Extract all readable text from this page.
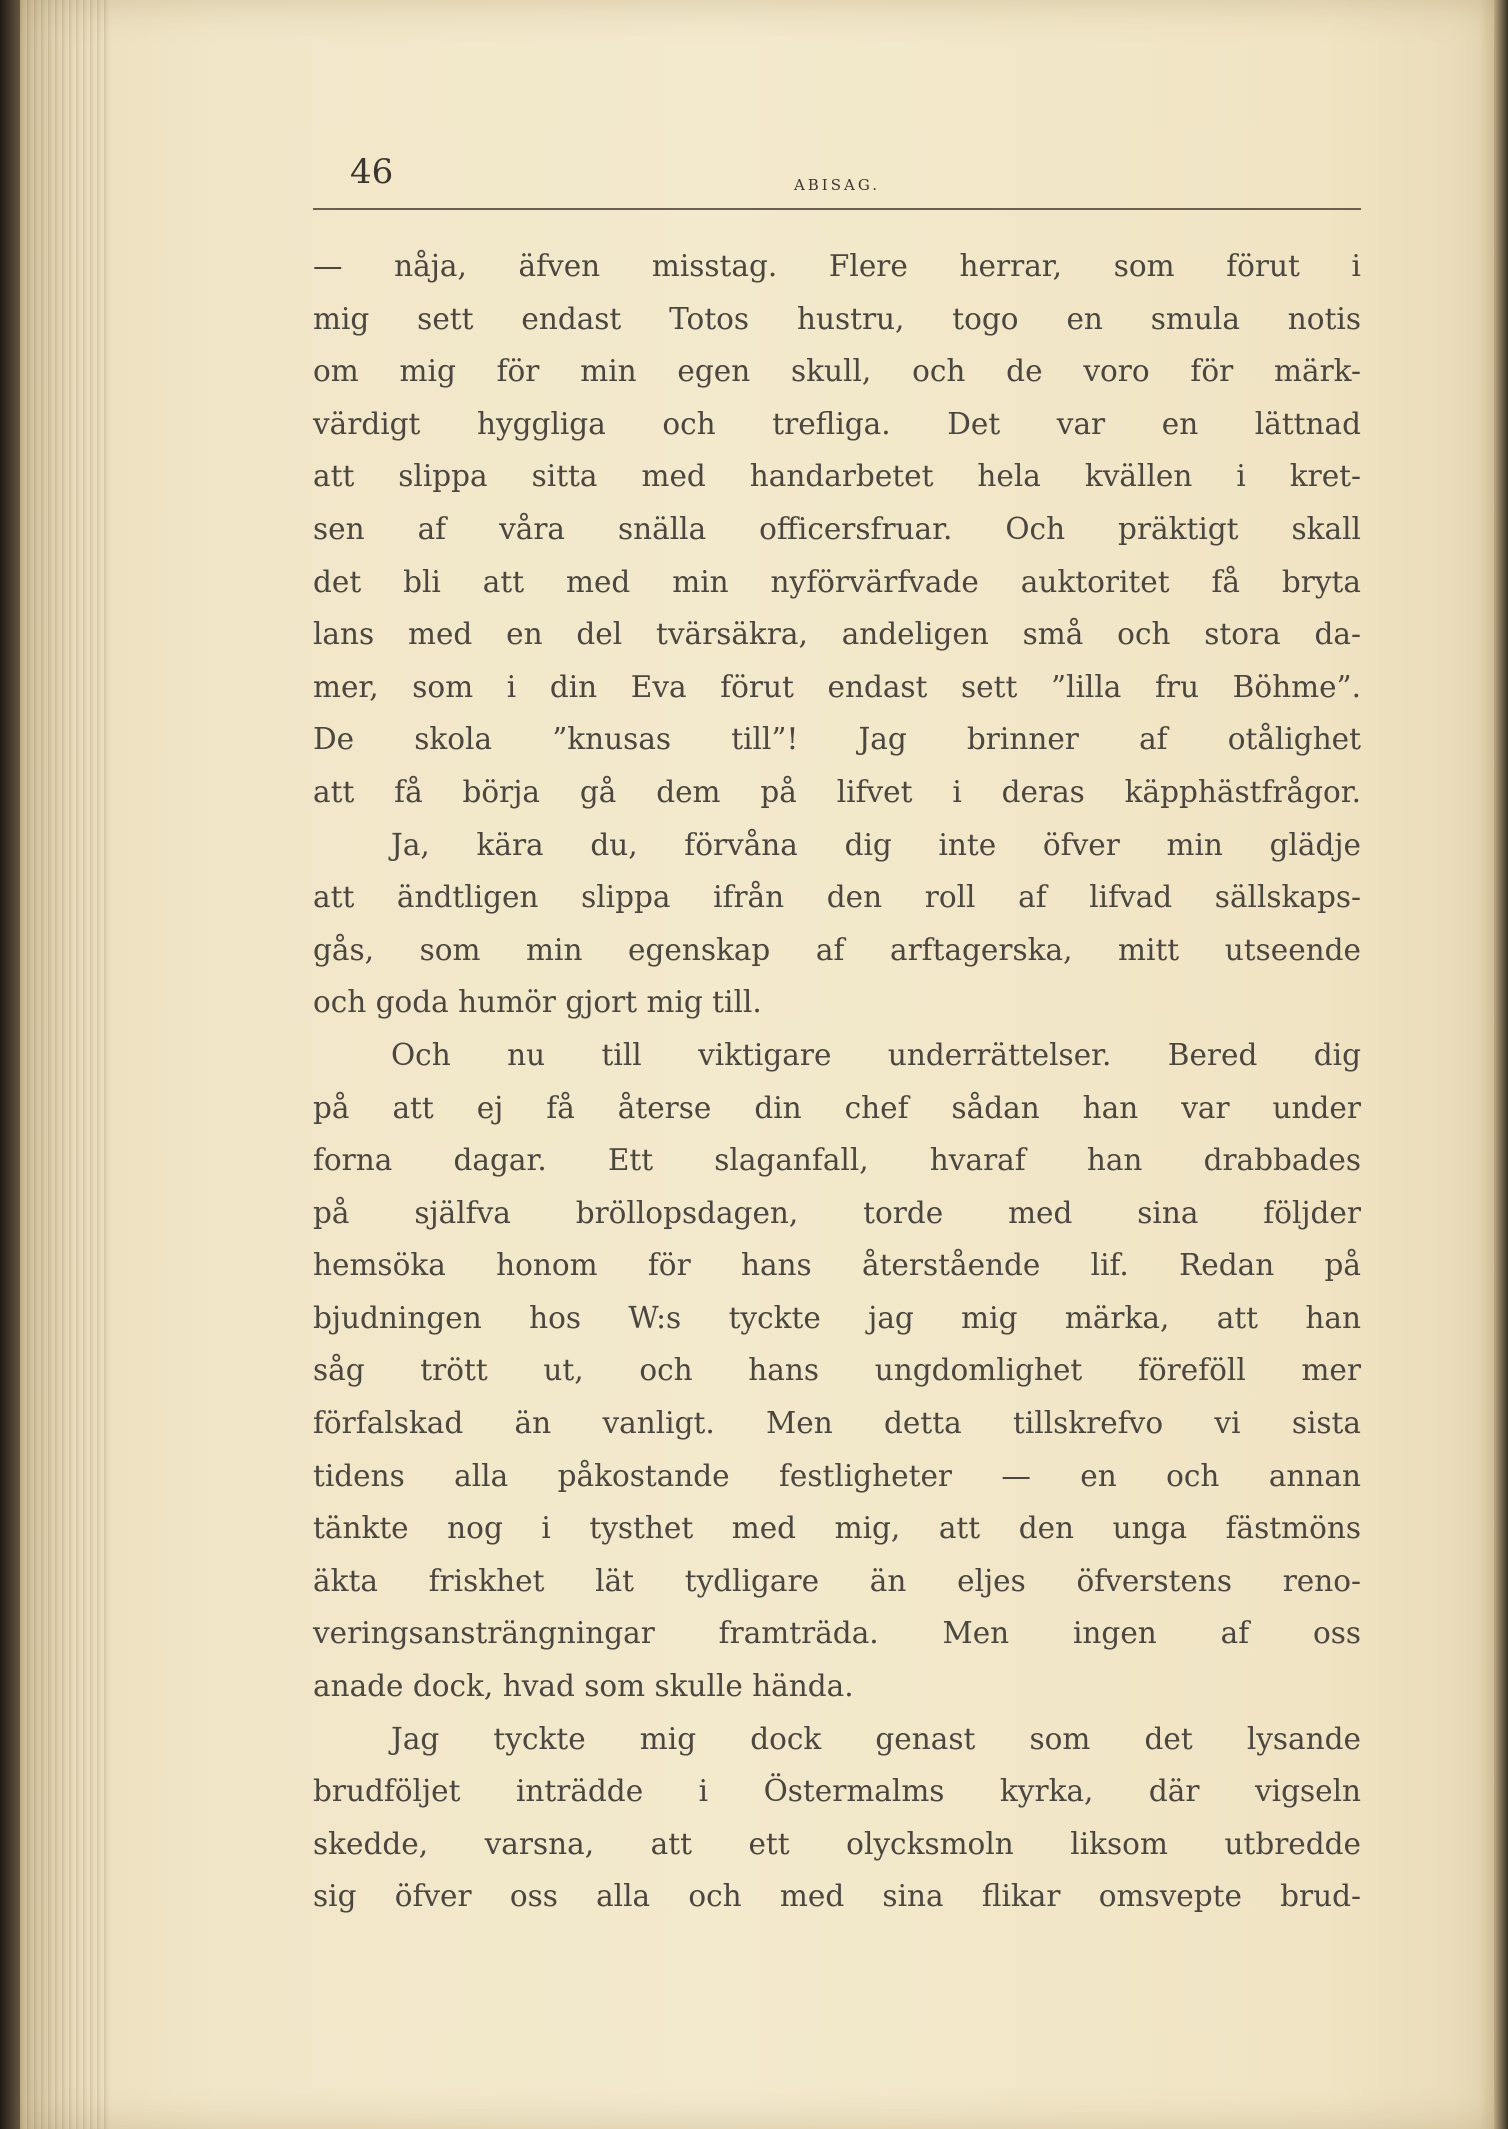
46	ABISAG.

— nåja, äfven misstag. Flere herrar, som förut i
mig sett endast Totos hustru, togo en smula notis
om mig för min egen skull, och de voro för märk-
värdigt hyggliga och trefliga. Det var en lättnad
att slippa sitta med handarbetet hela kvällen i kret-
sen af våra snälla officersfruar. Och präktigt skall
det bli att med min nyförvärfvade auktoritet få bryta
lans med en del tvärsäkra, andeligen små och stora da-
mer, som i din Eva förut endast sett ”lilla fru Böhme”.
De skola ”knusas till”! Jag brinner af otålighet
att få börja gå dem på lifvet i deras käpphästfrågor.

Ja, kära du, förvåna dig inte öfver min glädje
att ändtligen slippa ifrån den roll af lifvad sällskaps-
gås, som min egenskap af arftagerska, mitt utseende
och goda humör gjort mig till.

Och nu till viktigare underrättelser. Bered dig
på att ej få återse din chef sådan han var under
forna dagar. Ett slaganfall, hvaraf han drabbades
på själfva bröllopsdagen, torde med sina följder
hemsöka honom för hans återstående lif. Redan på
bjudningen hos W:s tyckte jag mig märka, att han
såg trött ut, och hans ungdomlighet föreföll mer
förfalskad än vanligt. Men detta tillskrefvo vi sista
tidens alla påkostande festligheter — en och annan
tänkte nog i tysthet med mig, att den unga fästmöns
äkta friskhet lät tydligare än eljes öfverstens reno-
veringsansträngningar framträda. Men ingen af oss
anade dock, hvad som skulle hända.

Jag tyckte mig dock genast som det lysande
brudföljet inträdde i Östermalms kyrka, där vigseln
skedde, varsna, att ett olycksmoln liksom utbredde
sig öfver oss alla och med sina flikar omsvepte brud-
